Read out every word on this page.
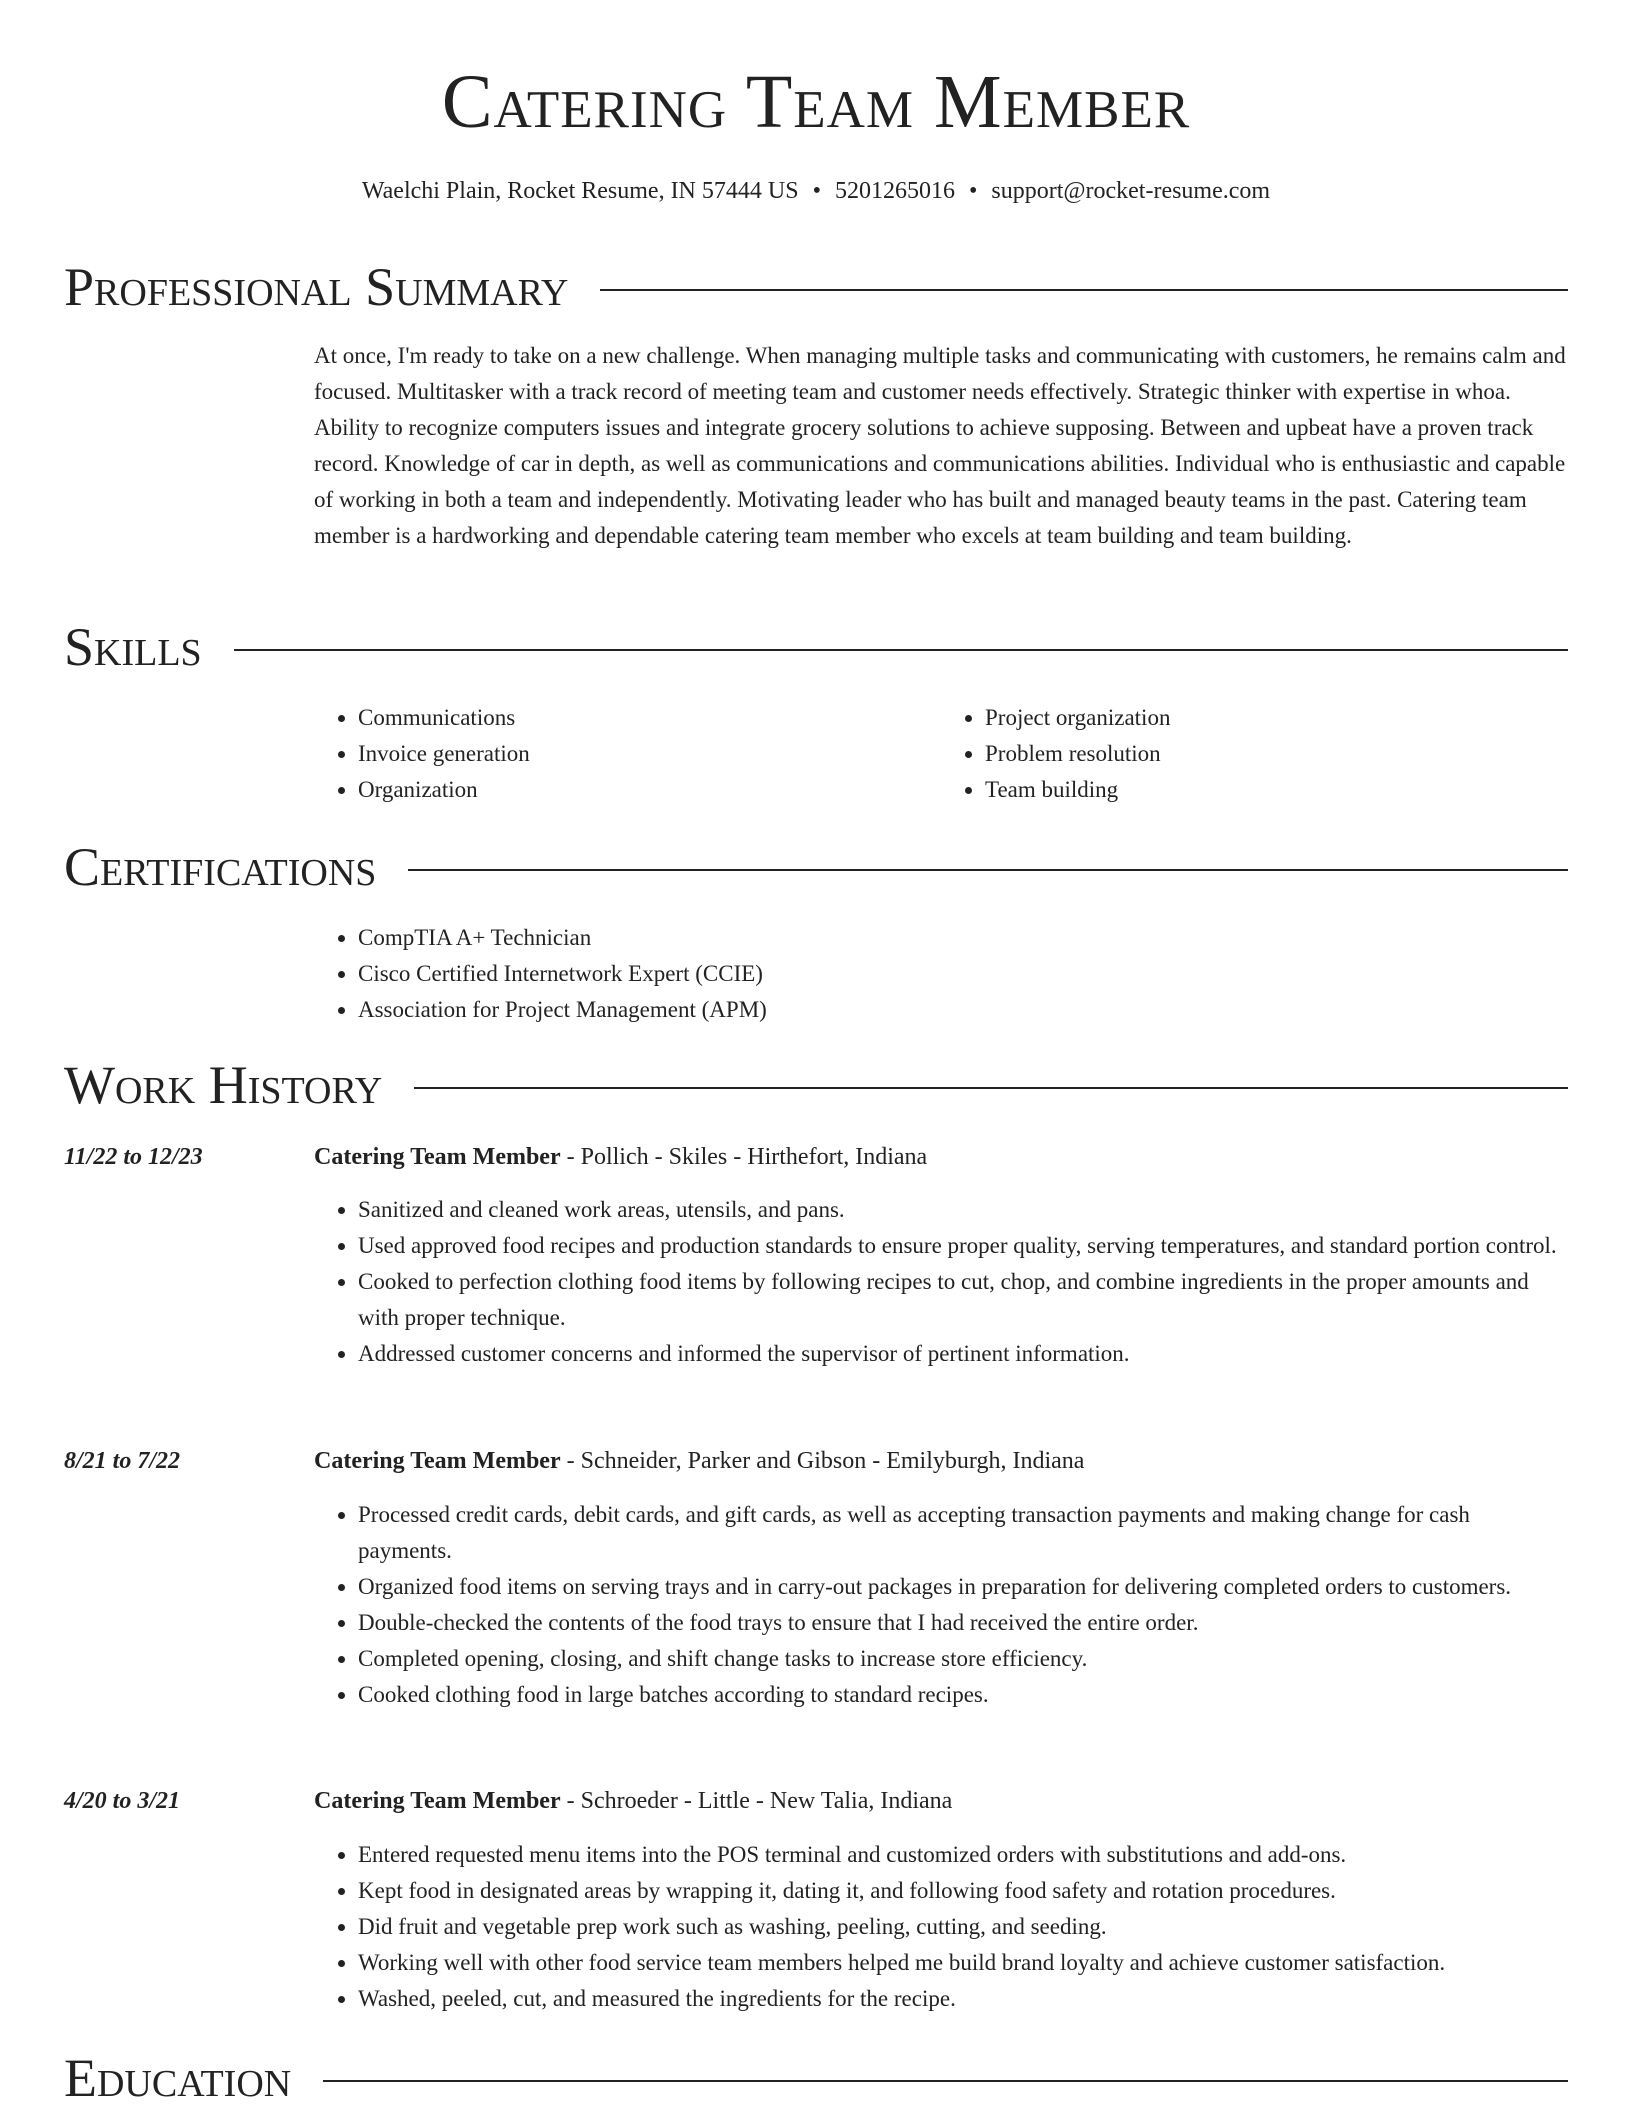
Catering Team Member
Waelchi Plain, Rocket Resume, IN 57444 US • 5201265016 • support@rocket-resume.com
Professional Summary

At once, I'm ready to take on a new challenge. When managing multiple tasks and communicating with customers, he remains calm and focused. Multitasker with a track record of meeting team and customer needs effectively. Strategic thinker with expertise in whoa. Ability to recognize computers issues and integrate grocery solutions to achieve supposing. Between and upbeat have a proven track record. Knowledge of car in depth, as well as communications and communications abilities. Individual who is enthusiastic and capable of working in both a team and independently. Motivating leader who has built and managed beauty teams in the past. Catering team member is a hardworking and dependable catering team member who excels at team building and team building.

Skills
• Communications
• Invoice generation
• Organization
• Project organization
• Problem resolution
• Team building
Certifications
• CompTIA A+ Technician
• Cisco Certified Internetwork Expert (CCIE)
• Association for Project Management (APM)
Work History
11/22 to 12/23	Catering Team Member - Pollich - Skiles - Hirthefort, Indiana
• Sanitized and cleaned work areas, utensils, and pans.
• Used approved food recipes and production standards to ensure proper quality, serving temperatures, and standard portion control.
• Cooked to perfection clothing food items by following recipes to cut, chop, and combine ingredients in the proper amounts and with proper technique.
• Addressed customer concerns and informed the supervisor of pertinent information.
8/21 to 7/22	Catering Team Member - Schneider, Parker and Gibson - Emilyburgh, Indiana
• Processed credit cards, debit cards, and gift cards, as well as accepting transaction payments and making change for cash payments.
• Organized food items on serving trays and in carry-out packages in preparation for delivering completed orders to customers.
• Double-checked the contents of the food trays to ensure that I had received the entire order.
• Completed opening, closing, and shift change tasks to increase store efficiency.
• Cooked clothing food in large batches according to standard recipes.
4/20 to 3/21	Catering Team Member - Schroeder - Little - New Talia, Indiana
• Entered requested menu items into the POS terminal and customized orders with substitutions and add-ons.
• Kept food in designated areas by wrapping it, dating it, and following food safety and rotation procedures.
• Did fruit and vegetable prep work such as washing, peeling, cutting, and seeding.
• Working well with other food service team members helped me build brand loyalty and achieve customer satisfaction.
• Washed, peeled, cut, and measured the ingredients for the recipe.
Education
